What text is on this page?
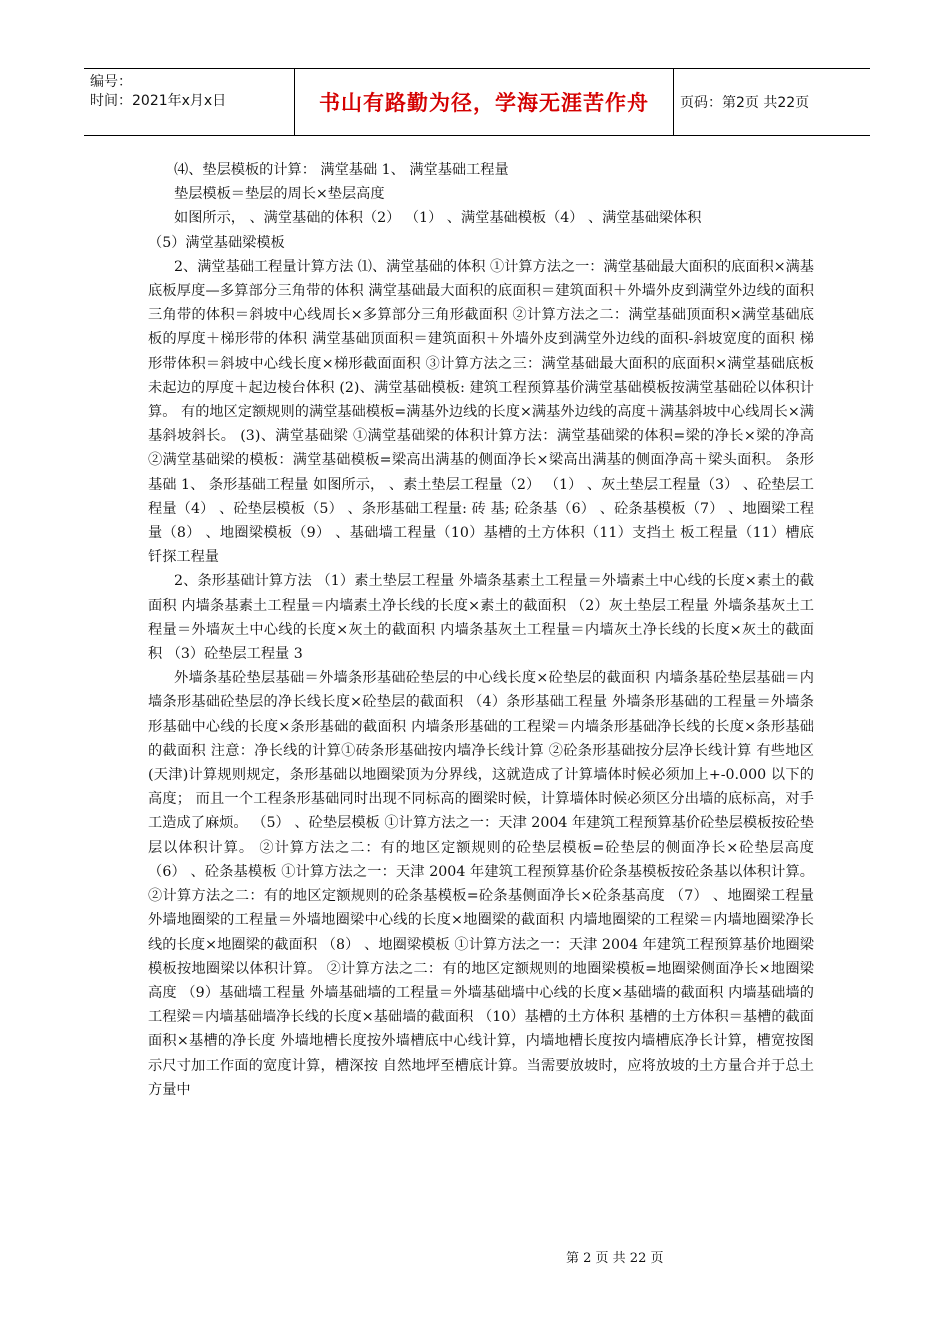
编号：
时间：2021年x月x日	书山有路勤为径，学海无涯苦作舟	页码：第2页 共22页

⑷、垫层模板的计算： 满堂基础 1、 满堂基础工程量

垫层模板＝垫层的周长×垫层高度

如图所示， 、满堂基础的体积（2） （1） 、满堂基础模板（4） 、满堂基础梁体积

（5）满堂基础梁模板

2、满堂基础工程量计算方法 ⑴、满堂基础的体积 ①计算方法之一：满堂基础最大面积的底面积×满基底板厚度—多算部分三角带的体积 满堂基础最大面积的底面积＝建筑面积＋外墙外皮到满堂外边线的面积 三角带的体积＝斜坡中心线周长×多算部分三角形截面积 ②计算方法之二：满堂基础顶面积×满堂基础底板的厚度＋梯形带的体积 满堂基础顶面积＝建筑面积＋外墙外皮到满堂外边线的面积-斜坡宽度的面积 梯形带体积＝斜坡中心线长度×梯形截面面积 ③计算方法之三：满堂基础最大面积的底面积×满堂基础底板未起边的厚度＋起边棱台体积 (2)、满堂基础模板: 建筑工程预算基价满堂基础模板按满堂基础砼以体积计算。 有的地区定额规则的满堂基础模板=满基外边线的长度×满基外边线的高度＋满基斜坡中心线周长×满基斜坡斜长。 (3)、满堂基础梁 ①满堂基础梁的体积计算方法：满堂基础梁的体积=梁的净长×梁的净高 ②满堂基础梁的模板：满堂基础模板=梁高出满基的侧面净长×梁高出满基的侧面净高＋梁头面积。 条形基础 1、 条形基础工程量 如图所示， 、素土垫层工程量（2） （1） 、灰土垫层工程量（3） 、砼垫层工程量（4） 、砼垫层模板（5） 、条形基础工程量: 砖 基; 砼条基（6） 、砼条基模板（7） 、地圈梁工程量（8） 、地圈梁模板（9） 、基础墙工程量（10）基槽的土方体积（11）支挡土 板工程量（11）槽底钎探工程量

2、条形基础计算方法 （1）素土垫层工程量 外墙条基素土工程量＝外墙素土中心线的长度×素土的截面积 内墙条基素土工程量＝内墙素土净长线的长度×素土的截面积 （2）灰土垫层工程量 外墙条基灰土工程量＝外墙灰土中心线的长度×灰土的截面积 内墙条基灰土工程量＝内墙灰土净长线的长度×灰土的截面积 （3）砼垫层工程量 3

外墙条基砼垫层基础＝外墙条形基础砼垫层的中心线长度×砼垫层的截面积 内墙条基砼垫层基础＝内墙条形基础砼垫层的净长线长度×砼垫层的截面积 （4）条形基础工程量 外墙条形基础的工程量＝外墙条形基础中心线的长度×条形基础的截面积 内墙条形基础的工程梁＝内墙条形基础净长线的长度×条形基础的截面积 注意：净长线的计算①砖条形基础按内墙净长线计算 ②砼条形基础按分层净长线计算 有些地区(天津)计算规则规定，条形基础以地圈梁顶为分界线，这就造成了计算墙体时候必须加上+-0.000 以下的高度； 而且一个工程条形基础同时出现不同标高的圈梁时候，计算墙体时候必须区分出墙的底标高，对手工造成了麻烦。 （5） 、砼垫层模板 ①计算方法之一：天津 2004 年建筑工程预算基价砼垫层模板按砼垫层以体积计算。 ②计算方法之二：有的地区定额规则的砼垫层模板=砼垫层的侧面净长×砼垫层高度 （6） 、砼条基模板 ①计算方法之一：天津 2004 年建筑工程预算基价砼条基模板按砼条基以体积计算。 ②计算方法之二：有的地区定额规则的砼条基模板=砼条基侧面净长×砼条基高度 （7） 、地圈梁工程量 外墙地圈梁的工程量＝外墙地圈梁中心线的长度×地圈梁的截面积 内墙地圈梁的工程梁＝内墙地圈梁净长线的长度×地圈梁的截面积 （8） 、地圈梁模板 ①计算方法之一：天津 2004 年建筑工程预算基价地圈梁模板按地圈梁以体积计算。 ②计算方法之二：有的地区定额规则的地圈梁模板=地圈梁侧面净长×地圈梁高度 （9）基础墙工程量 外墙基础墙的工程量＝外墙基础墙中心线的长度×基础墙的截面积 内墙基础墙的工程梁＝内墙基础墙净长线的长度×基础墙的截面积 （10）基槽的土方体积 基槽的土方体积＝基槽的截面面积×基槽的净长度 外墙地槽长度按外墙槽底中心线计算，内墙地槽长度按内墙槽底净长计算，槽宽按图示尺寸加工作面的宽度计算，槽深按 自然地坪至槽底计算。当需要放坡时，应将放坡的土方量合并于总土方量中

第 2 页 共 22 页
